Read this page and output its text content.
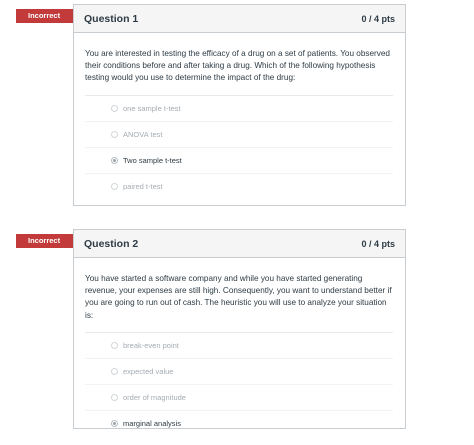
Incorrect	Question 1	0 / 4 pts
You are interested in testing the efficacy of a drug on a set of patients. You observed their conditions before and after taking a drug. Which of the following hypothesis testing would you use to determine the impact of the drug:
one sample t-test
ANOVA test
Two sample t-test
paired t-test
Incorrect	Question 2	0 / 4 pts
You have started a software company and while you have started generating revenue, your expenses are still high. Consequently, you want to understand better if you are going to run out of cash. The heuristic you will use to analyze your situation is:
break-even point
expected value
order of magnitude
marginal analysis
